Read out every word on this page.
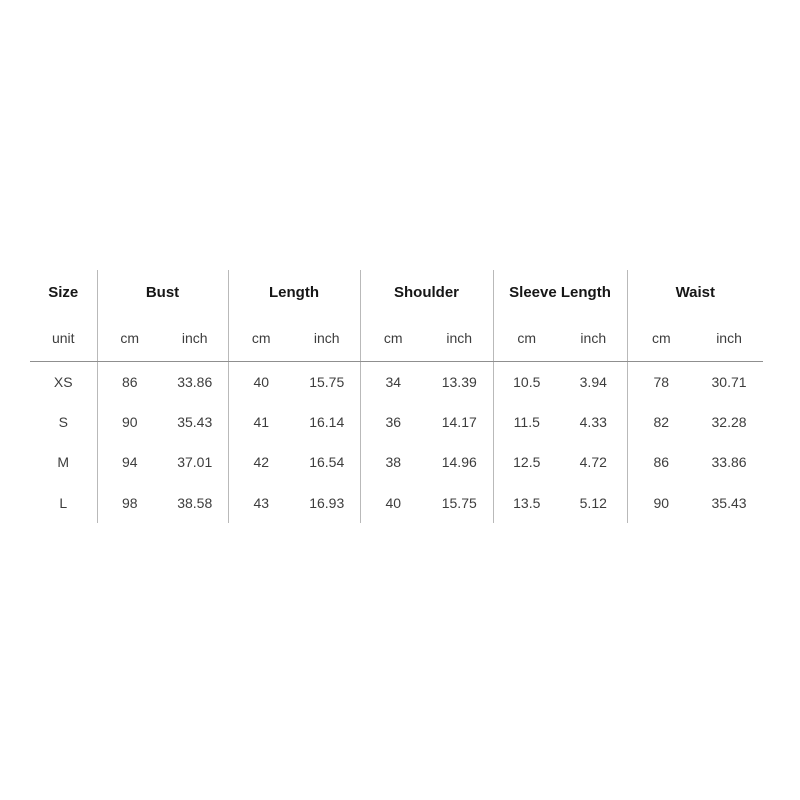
Size	Bust		Length		Shoulder		Sleeve Length		Waist	
unit	cm	inch	cm	inch	cm	inch	cm	inch	cm	inch
XS	86	33.86	40	15.75	34	13.39	10.5	3.94	78	30.71
S	90	35.43	41	16.14	36	14.17	11.5	4.33	82	32.28
M	94	37.01	42	16.54	38	14.96	12.5	4.72	86	33.86
L	98	38.58	43	16.93	40	15.75	13.5	5.12	90	35.43
